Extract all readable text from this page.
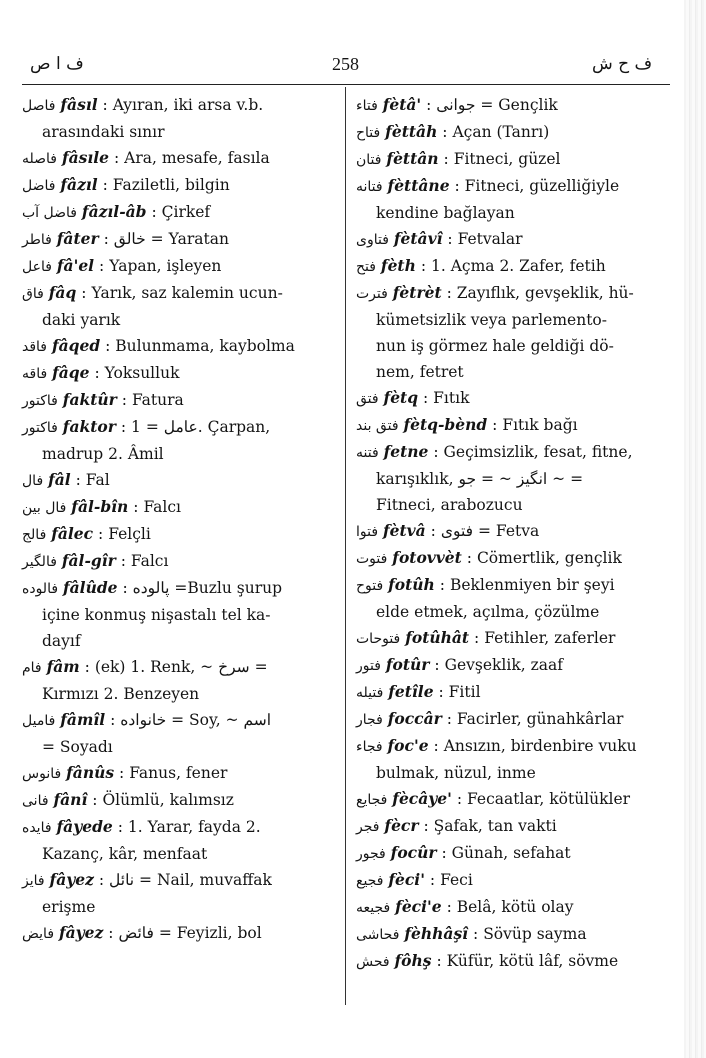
ف ا ص	258	ف ح ش
فاصل fâsıl : Ayıran, iki arsa v.b.
arasındaki sınır
فاصله fâsıle : Ara, mesafe, fasıla
فاضل fâzıl : Faziletli, bilgin
فاضل آب fâzıl-âb : Çirkef
فاطر fâter : خالق = Yaratan
فاعل fâ'el : Yapan, işleyen
فاق fâq : Yarık, saz kalemin ucun-
daki yarık
فاقد fâqed : Bulunmama, kaybolma
فاقه fâqe : Yoksulluk
فاكتور faktûr : Fatura
فاكتور faktor : عامل = 1. Çarpan,
madrup 2. Âmil
فال fâl : Fal
فال بين fâl-bîn : Falcı
فالج fâlec : Felçli
فالگير fâl-gîr : Falcı
فالوده fâlûde : پالوده =Buzlu şurup
içine konmuş nişastalı tel ka-
dayıf
فام fâm : (ek) 1. Renk, ~ سرخ =
Kırmızı 2. Benzeyen
فاميل fâmîl : خانواده = Soy, ~ اسم
= Soyadı
فانوس fânûs : Fanus, fener
فانى fânî : Ölümlü, kalımsız
فايده fâyede : 1. Yarar, fayda 2.
Kazanç, kâr, menfaat
فايز fâyez : نائل = Nail, muvaffak
erişme
فايض fâyez : فائض = Feyizli, bol
فتاء fètâ' : جوانى = Gençlik
فتاح fèttâh : Açan (Tanrı)
فتان fèttân : Fitneci, güzel
فتانه fèttâne : Fitneci, güzelliğiyle
kendine bağlayan
فتاوى fètâvî : Fetvalar
فتح fèth : 1. Açma 2. Zafer, fetih
فترت fètrèt : Zayıflık, gevşeklik, hü-
kümetsizlik veya parlemento-
nun iş görmez hale geldiği dö-
nem, fetret
فتق fètq : Fıtık
فتق بند fètq-bènd : Fıtık bağı
فتنه fetne : Geçimsizlik, fesat, fitne,
karışıklık, انگيز ~ = جو ~ =
Fitneci, arabozucu
فتوا fètvâ : فتوى = Fetva
فتوت fotovvèt : Cömertlik, gençlik
فتوح fotûh : Beklenmiyen bir şeyi
elde etmek, açılma, çözülme
فتوحات fotûhât : Fetihler, zaferler
فتور fotûr : Gevşeklik, zaaf
فتيله fetîle : Fitil
فجار foccâr : Facirler, günahkârlar
فجاء foc'e : Ansızın, birdenbire vuku
bulmak, nüzul, inme
فجايع fècâye' : Fecaatlar, kötülükler
فجر fècr : Şafak, tan vakti
فجور focûr : Günah, sefahat
فجيع fèci' : Feci
فجيعه fèci'e : Belâ, kötü olay
فحاشى fèhhâşî : Sövüp sayma
فحش fôhş : Küfür, kötü lâf, sövme
